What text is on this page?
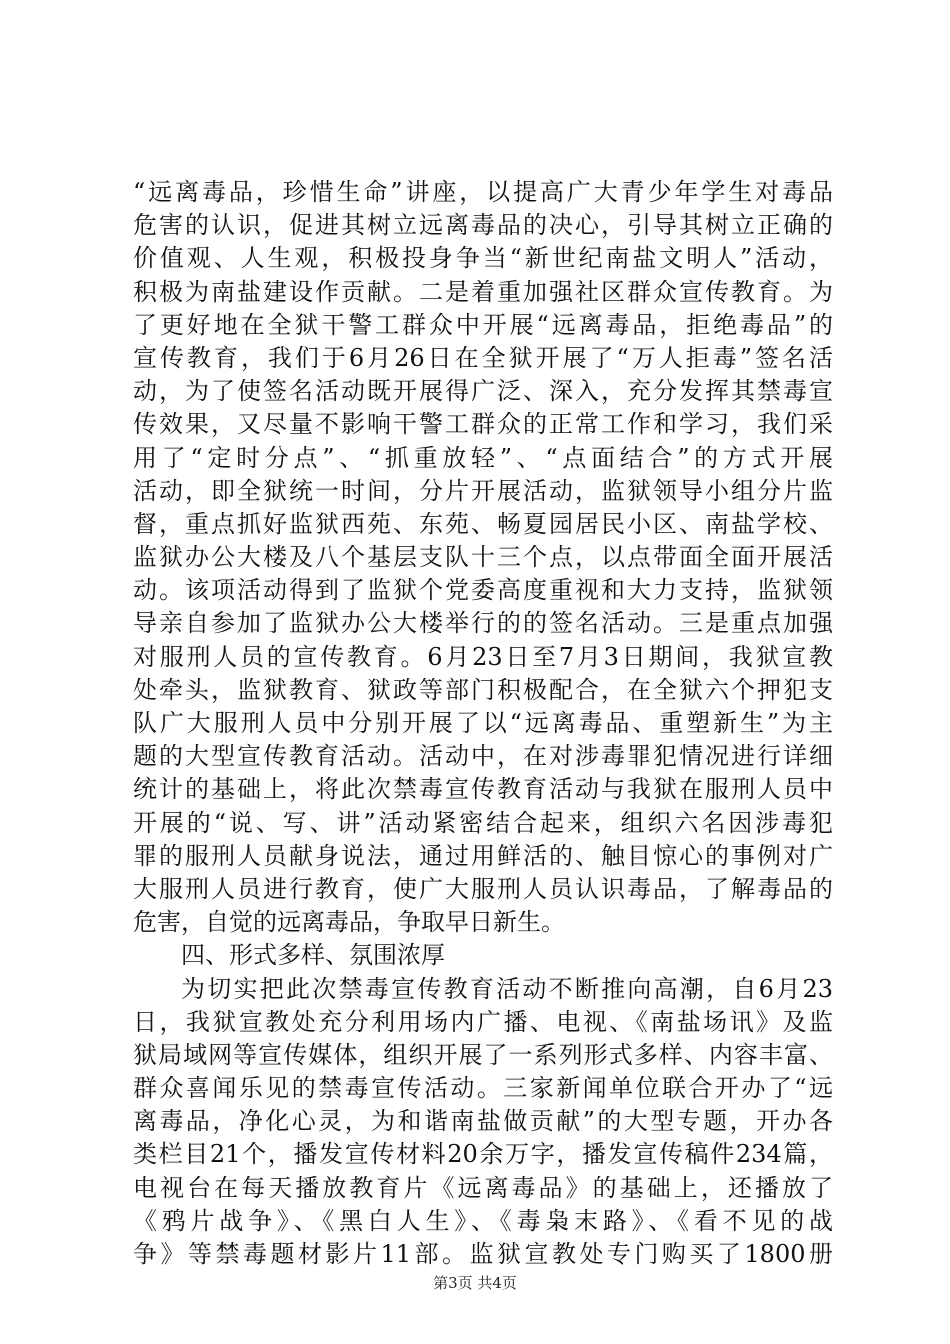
“远离毒品，珍惜生命”讲座，以提高广大青少年学生对毒品
危害的认识，促进其树立远离毒品的决心，引导其树立正确的
价值观、人生观，积极投身争当“新世纪南盐文明人”活动，
积极为南盐建设作贡献。二是着重加强社区群众宣传教育。为
了更好地在全狱干警工群众中开展“远离毒品，拒绝毒品”的
宣传教育，我们于6月26日在全狱开展了“万人拒毒”签名活
动，为了使签名活动既开展得广泛、深入，充分发挥其禁毒宣
传效果，又尽量不影响干警工群众的正常工作和学习，我们采
用了“定时分点”、“抓重放轻”、“点面结合”的方式开展
活动，即全狱统一时间，分片开展活动，监狱领导小组分片监
督，重点抓好监狱西苑、东苑、畅夏园居民小区、南盐学校、
监狱办公大楼及八个基层支队十三个点，以点带面全面开展活
动。该项活动得到了监狱个党委高度重视和大力支持，监狱领
导亲自参加了监狱办公大楼举行的的签名活动。三是重点加强
对服刑人员的宣传教育。6月23日至7月3日期间，我狱宣教
处牵头，监狱教育、狱政等部门积极配合，在全狱六个押犯支
队广大服刑人员中分别开展了以“远离毒品、重塑新生”为主
题的大型宣传教育活动。活动中，在对涉毒罪犯情况进行详细
统计的基础上，将此次禁毒宣传教育活动与我狱在服刑人员中
开展的“说、写、讲”活动紧密结合起来，组织六名因涉毒犯
罪的服刑人员献身说法，通过用鲜活的、触目惊心的事例对广
大服刑人员进行教育，使广大服刑人员认识毒品，了解毒品的
危害，自觉的远离毒品，争取早日新生。
四、形式多样、氛围浓厚
为切实把此次禁毒宣传教育活动不断推向高潮，自6月23
日，我狱宣教处充分利用场内广播、电视、《南盐场讯》及监
狱局域网等宣传媒体，组织开展了一系列形式多样、内容丰富、
群众喜闻乐见的禁毒宣传活动。三家新闻单位联合开办了“远
离毒品，净化心灵，为和谐南盐做贡献”的大型专题，开办各
类栏目21个，播发宣传材料20余万字，播发宣传稿件234篇，
电视台在每天播放教育片《远离毒品》的基础上，还播放了
《鸦片战争》、《黑白人生》、《毒枭末路》、《看不见的战
争》等禁毒题材影片11部。监狱宣教处专门购买了1800册
第3页 共4页
